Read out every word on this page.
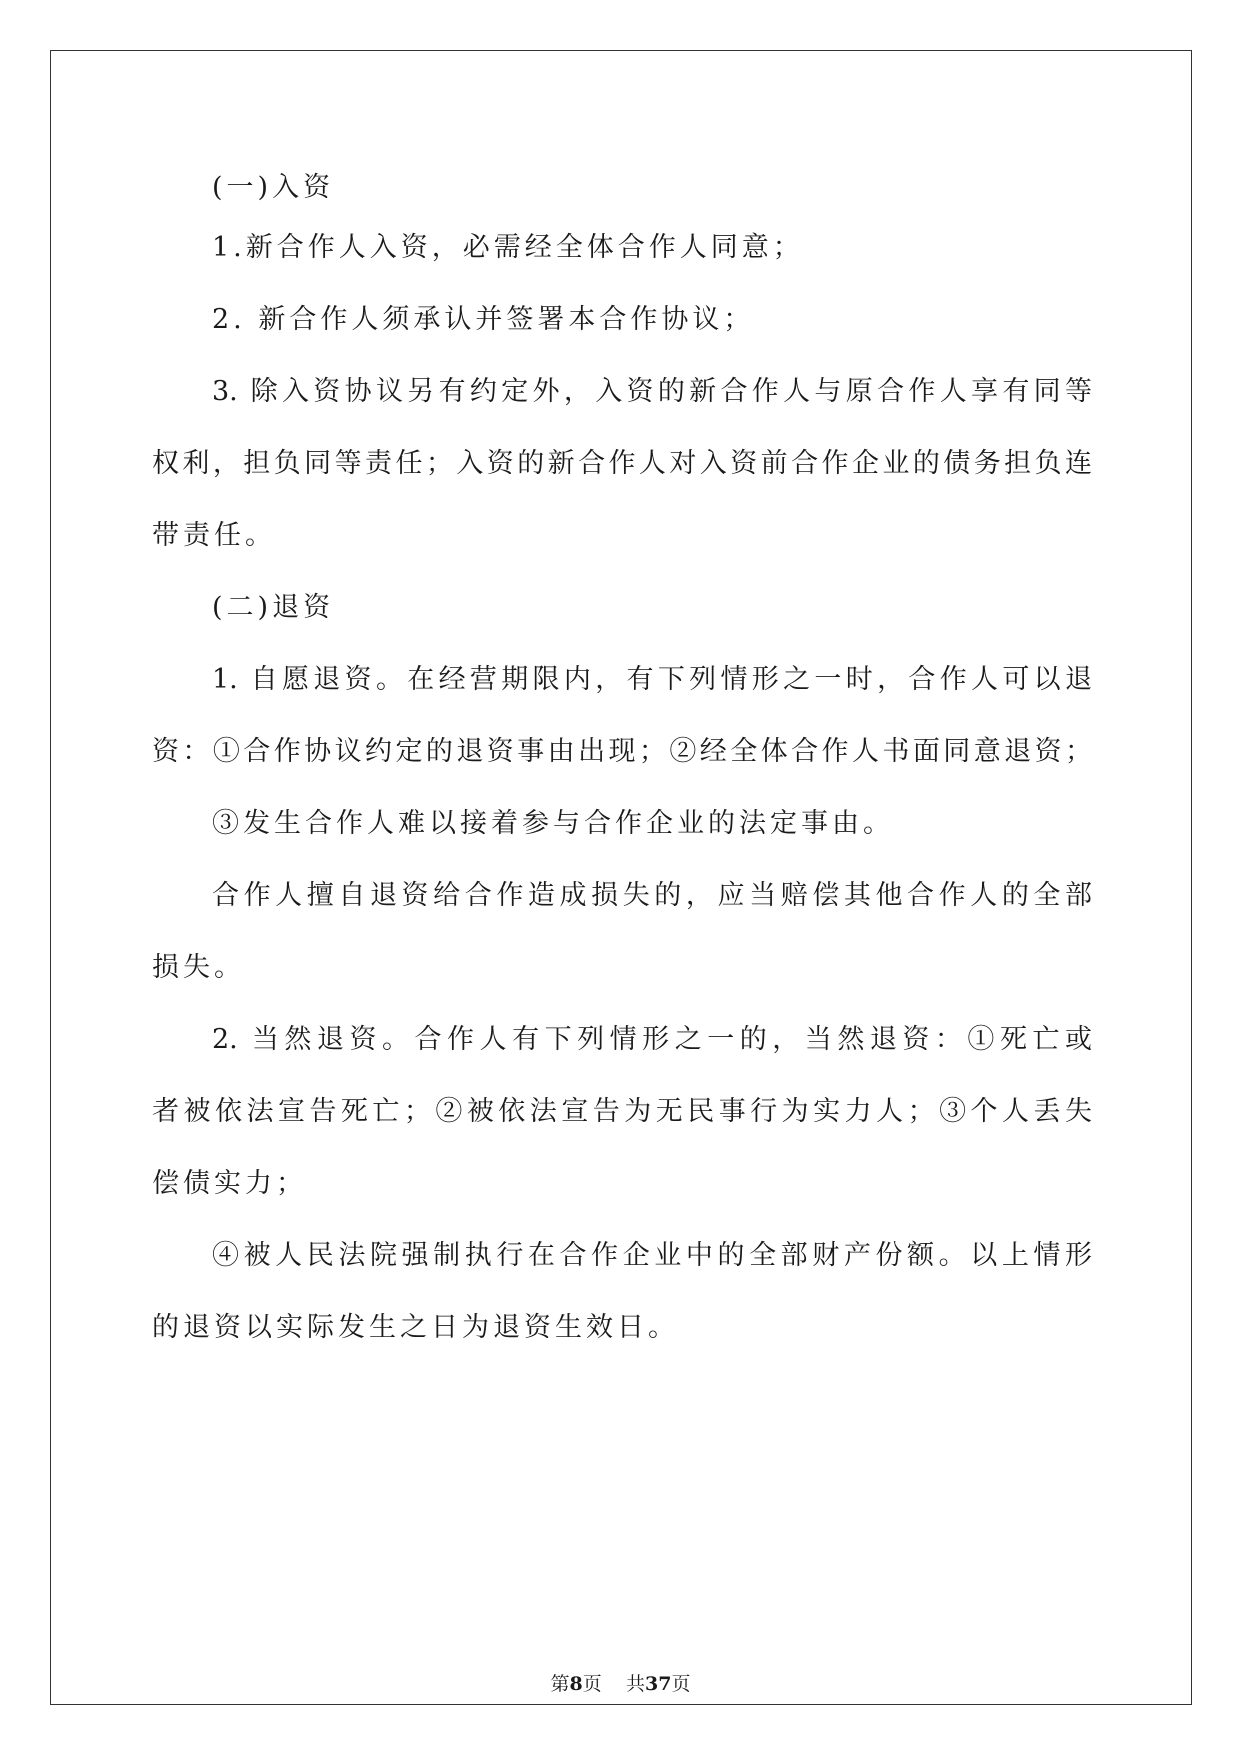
(一)入资
1.新合作人入资，必需经全体合作人同意；
2. 新合作人须承认并签署本合作协议；
3. 除入资协议另有约定外，入资的新合作人与原合作人享有同等
权利，担负同等责任；入资的新合作人对入资前合作企业的债务担负连
带责任。
(二)退资
1. 自愿退资。在经营期限内，有下列情形之一时，合作人可以退
资：①合作协议约定的退资事由出现；②经全体合作人书面同意退资；
③发生合作人难以接着参与合作企业的法定事由。
合作人擅自退资给合作造成损失的，应当赔偿其他合作人的全部
损失。
2. 当然退资。合作人有下列情形之一的，当然退资：①死亡或
者被依法宣告死亡；②被依法宣告为无民事行为实力人；③个人丢失
偿债实力；
④被人民法院强制执行在合作企业中的全部财产份额。以上情形
的退资以实际发生之日为退资生效日。
第8页 共37页
